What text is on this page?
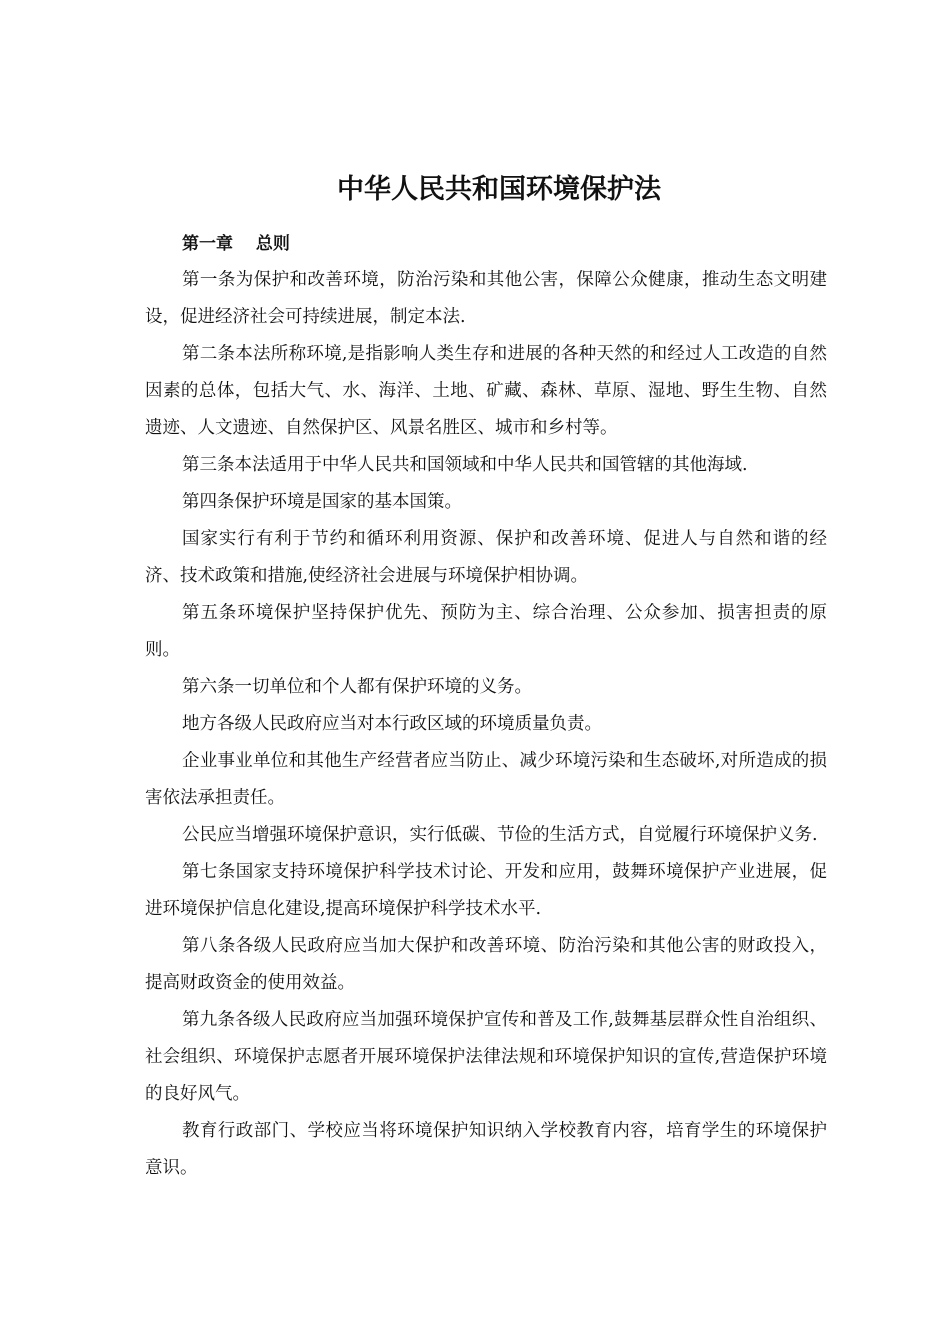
中华人民共和国环境保护法
第一章　 总则

第一条为保护和改善环境，防治污染和其他公害，保障公众健康，推动生态文明建设，促进经济社会可持续进展，制定本法.

第二条本法所称环境,是指影响人类生存和进展的各种天然的和经过人工改造的自然因素的总体，包括大气、水、海洋、土地、矿藏、森林、草原、湿地、野生生物、自然遗迹、人文遗迹、自然保护区、风景名胜区、城市和乡村等。

第三条本法适用于中华人民共和国领域和中华人民共和国管辖的其他海域.

第四条保护环境是国家的基本国策。

国家实行有利于节约和循环利用资源、保护和改善环境、促进人与自然和谐的经济、技术政策和措施,使经济社会进展与环境保护相协调。

第五条环境保护坚持保护优先、预防为主、综合治理、公众参加、损害担责的原则。

第六条一切单位和个人都有保护环境的义务。

地方各级人民政府应当对本行政区域的环境质量负责。

企业事业单位和其他生产经营者应当防止、减少环境污染和生态破坏,对所造成的损害依法承担责任。

公民应当增强环境保护意识，实行低碳、节俭的生活方式，自觉履行环境保护义务.

第七条国家支持环境保护科学技术讨论、开发和应用，鼓舞环境保护产业进展，促进环境保护信息化建设,提高环境保护科学技术水平.

第八条各级人民政府应当加大保护和改善环境、防治污染和其他公害的财政投入，提高财政资金的使用效益。

第九条各级人民政府应当加强环境保护宣传和普及工作,鼓舞基层群众性自治组织、社会组织、环境保护志愿者开展环境保护法律法规和环境保护知识的宣传,营造保护环境的良好风气。

教育行政部门、学校应当将环境保护知识纳入学校教育内容，培育学生的环境保护意识。
